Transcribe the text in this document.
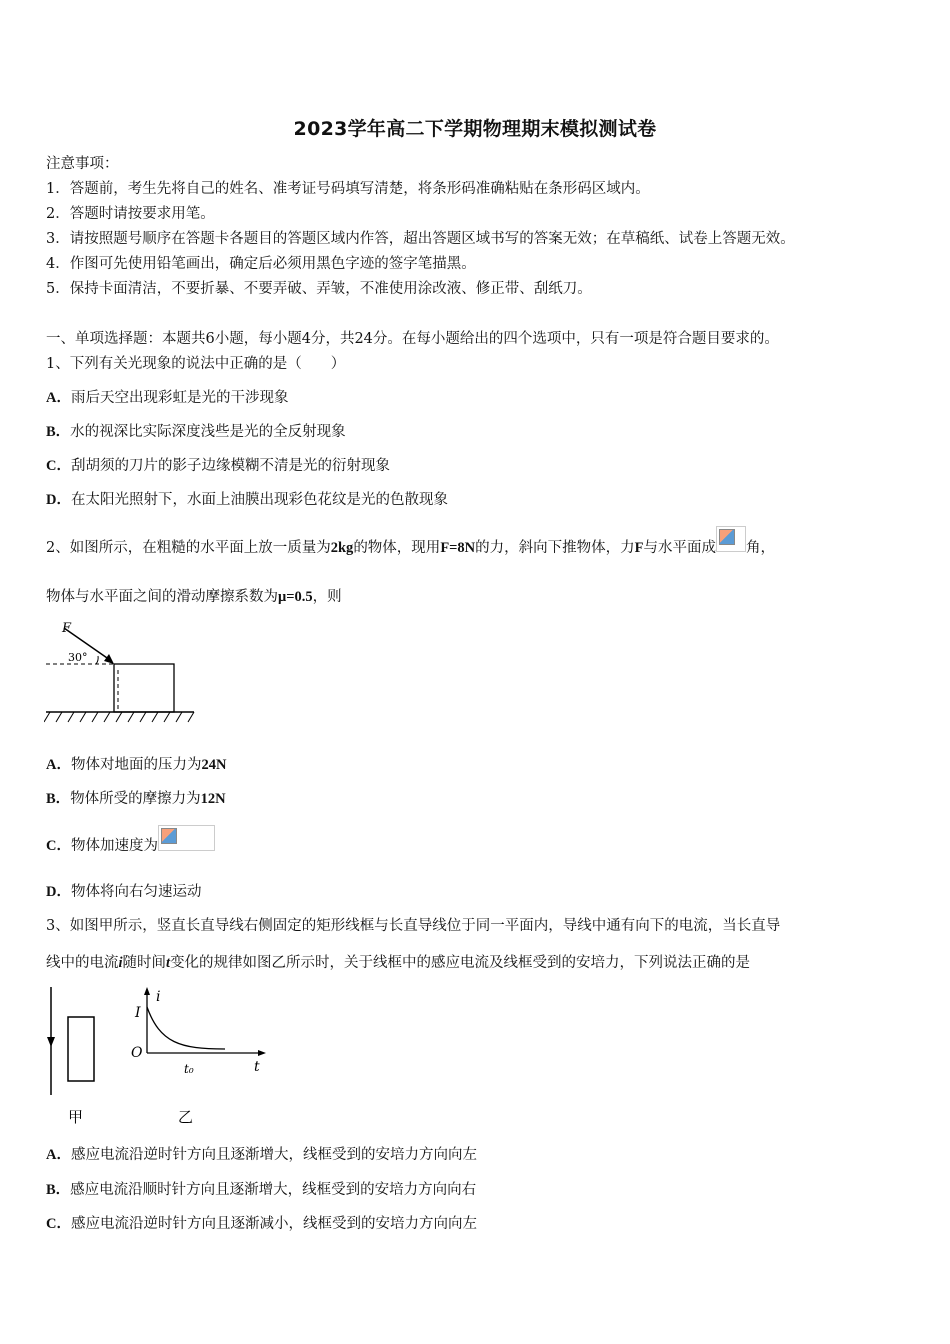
2023学年高二下学期物理期末模拟测试卷
注意事项：
1．答题前，考生先将自己的姓名、准考证号码填写清楚，将条形码准确粘贴在条形码区域内。
2．答题时请按要求用笔。
3．请按照题号顺序在答题卡各题目的答题区域内作答，超出答题区域书写的答案无效；在草稿纸、试卷上答题无效。
4．作图可先使用铅笔画出，确定后必须用黑色字迹的签字笔描黑。
5．保持卡面清洁，不要折暴、不要弄破、弄皱，不准使用涂改液、修正带、刮纸刀。
一、单项选择题：本题共6小题，每小题4分，共24分。在每小题给出的四个选项中，只有一项是符合题目要求的。
1、下列有关光现象的说法中正确的是（　　）
A．雨后天空出现彩虹是光的干涉现象
B．水的视深比实际深度浅些是光的全反射现象
C．刮胡须的刀片的影子边缘模糊不清是光的衍射现象
D．在太阳光照射下，水面上油膜出现彩色花纹是光的色散现象
2、如图所示，在粗糙的水平面上放一质量为2kg的物体，现用F=8N的力，斜向下推物体，力F与水平面成 角，
物体与水平面之间的滑动摩擦系数为μ=0.5，则
F
30°
A．物体对地面的压力为24N
B．物体所受的摩擦力为12N
C．物体加速度为
D．物体将向右匀速运动
3、如图甲所示，竖直长直导线右侧固定的矩形线框与长直导线位于同一平面内，导线中通有向下的电流，当长直导
线中的电流i随时间t变化的规律如图乙所示时，关于线框中的感应电流及线框受到的安培力，下列说法正确的是
甲
i
t
I
O
t₀
乙
A．感应电流沿逆时针方向且逐渐增大，线框受到的安培力方向向左
B．感应电流沿顺时针方向且逐渐增大，线框受到的安培力方向向右
C．感应电流沿逆时针方向且逐渐减小，线框受到的安培力方向向左
